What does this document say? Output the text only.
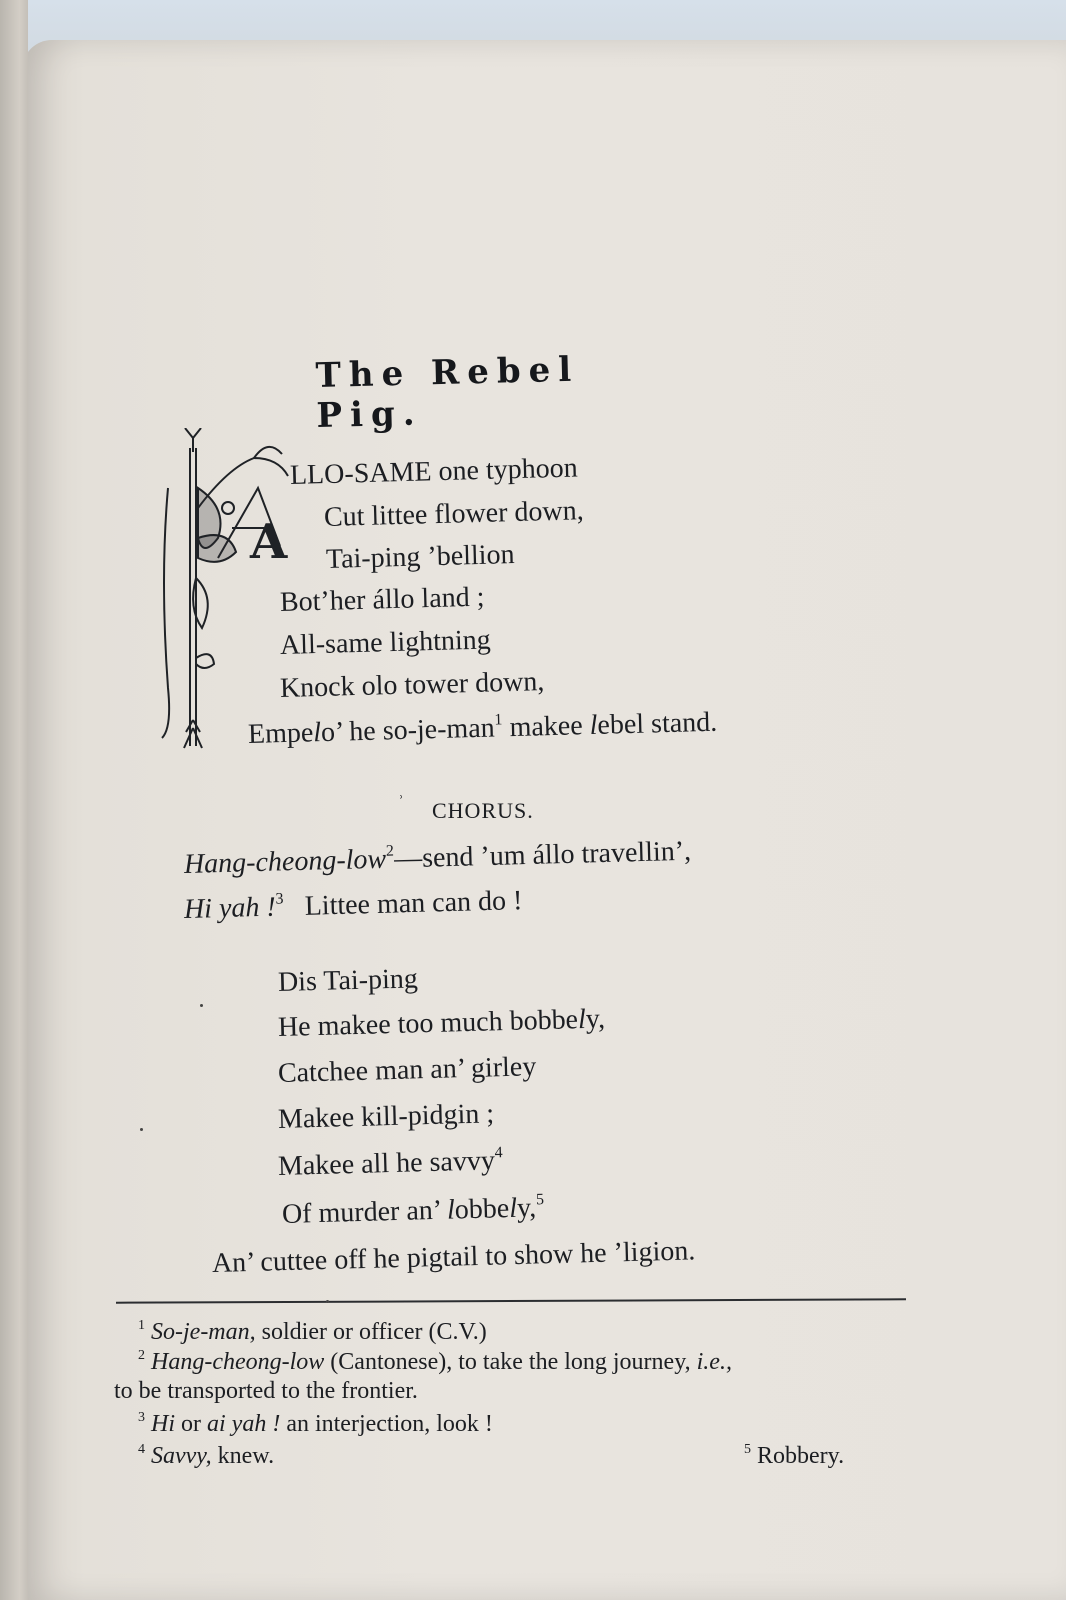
The Rebel Pig.
A
LLO-SAME one typhoon
Cut littee flower down,
Tai-ping ’bellion
Bot’her állo land ;
All-same lightning
Knock olo tower down,
Empelo’ he so-je-man$^1$ makee lebel stand.
ʾ CHORUS.
Hang-cheong-low$^2$—send ’um állo travellin’,
Hi yah !$^3$ Littee man can do !
Dis Tai-ping
He makee too much bobbely,
Catchee man an’ girley
Makee kill-pidgin ;
Makee all he savvy$^4$
Of murder an’ lobbely,$^5$
An’ cuttee off he pigtail to show he ’ligion.
$^1$ So-je-man, soldier or officer (C.V.)
$^2$ Hang-cheong-low (Cantonese), to take the long journey, i.e.,
to be transported to the frontier.
$^3$ Hi or ai yah ! an interjection, look !
$^4$ Savvy, knew.	$^5$ Robbery.
